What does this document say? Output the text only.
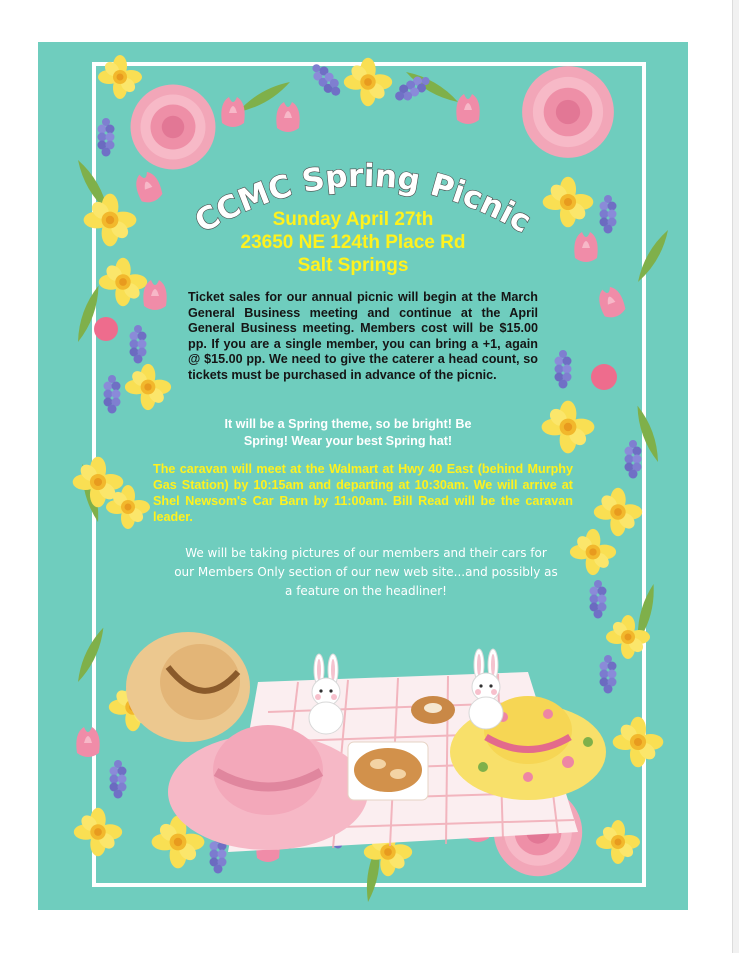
CCMC Spring Picnic
Sunday April 27th
23650 NE 124th Place Rd
Salt Springs
Ticket sales for our annual picnic will begin at the March General Business meeting and continue at the April General Business meeting. Members cost will be $15.00 pp. If you are a single member, you can bring a +1, again @ $15.00 pp. We need to give the caterer a head count, so tickets must be purchased in advance of the picnic.
It will be a Spring theme, so be bright! Be
Spring! Wear your best Spring hat!
The caravan will meet at the Walmart at Hwy 40 East (behind Murphy Gas Station) by 10:15am and departing at 10:30am. We will arrive at Shel Newsom's Car Barn by 11:00am. Bill Read will be the caravan leader.
We will be taking pictures of our members and their cars for
our Members Only section of our new web site...and possibly as
a feature on the headliner!
